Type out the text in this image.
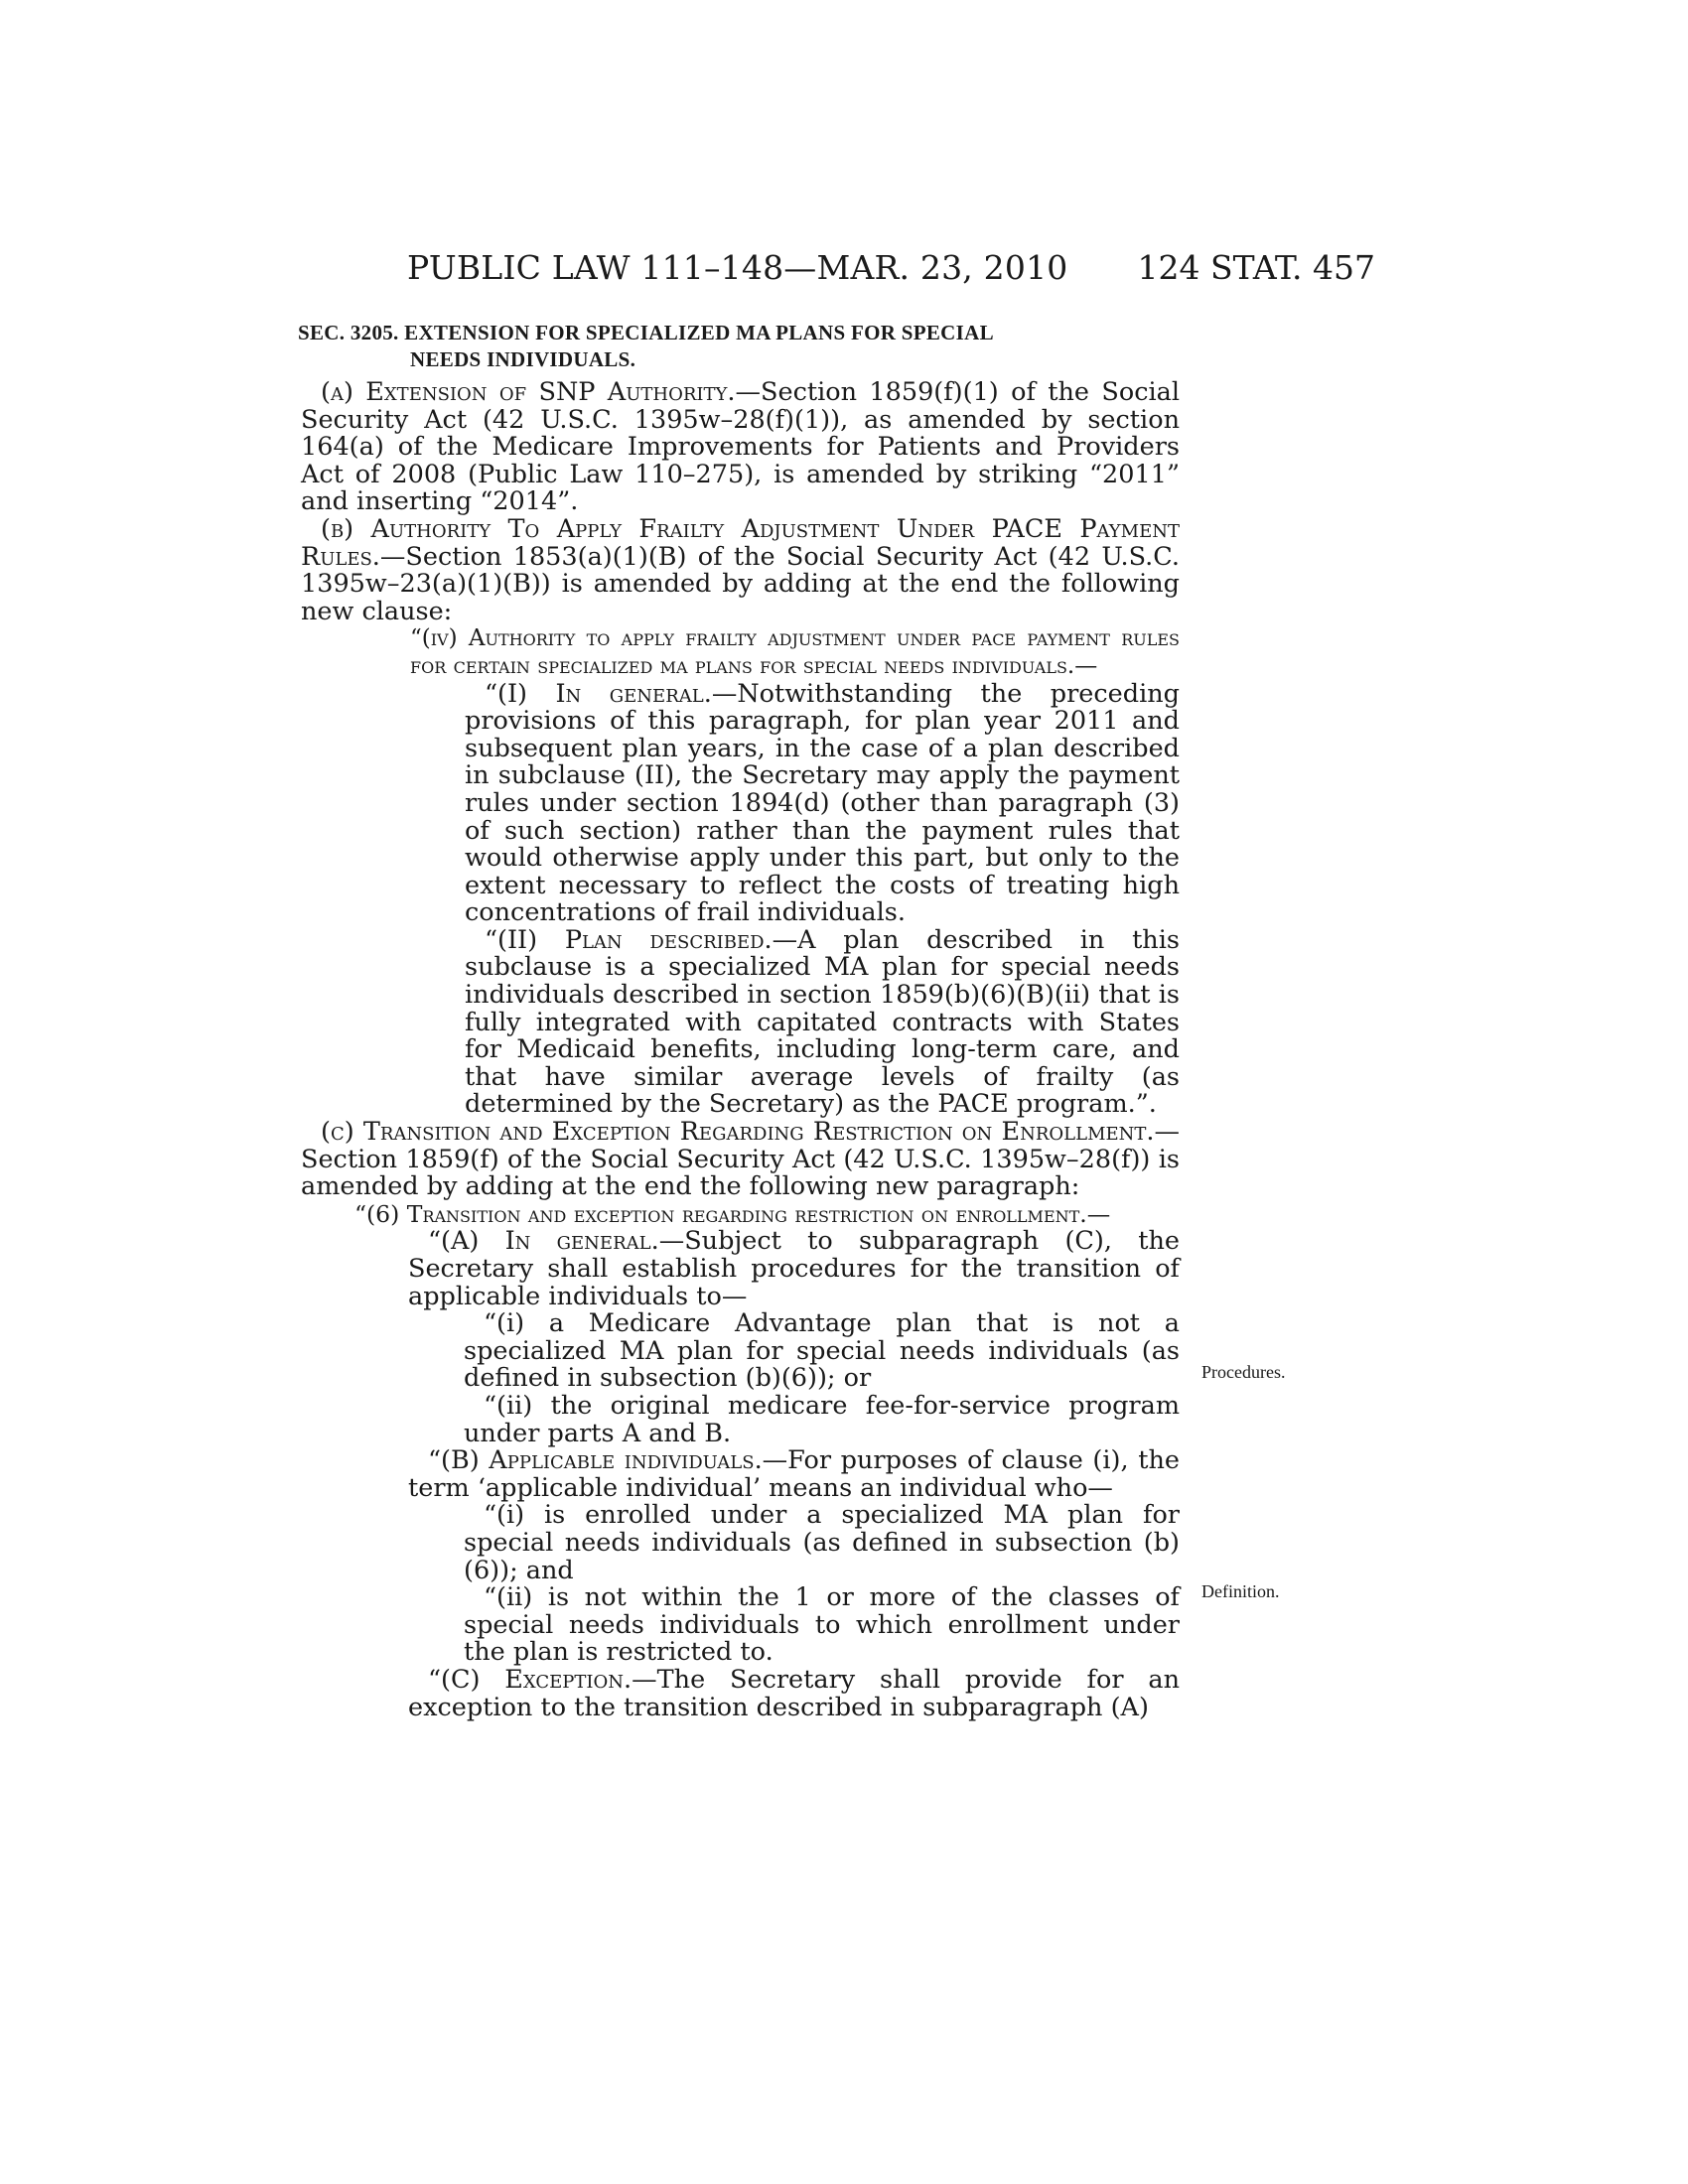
PUBLIC LAW 111–148—MAR. 23, 2010 124 STAT. 457
SEC. 3205. EXTENSION FOR SPECIALIZED MA PLANS FOR SPECIAL
NEEDS INDIVIDUALS.

(a) Extension of SNP Authority.—Section 1859(f)(1) of the Social Security Act (42 U.S.C. 1395w–28(f)(1)), as amended by section 164(a) of the Medicare Improvements for Patients and Providers Act of 2008 (Public Law 110–275), is amended by striking “2011” and inserting “2014”.

(b) Authority To Apply Frailty Adjustment Under PACE Payment Rules.—Section 1853(a)(1)(B) of the Social Security Act (42 U.S.C. 1395w–23(a)(1)(B)) is amended by adding at the end the following new clause:

“(iv) Authority to apply frailty adjustment under pace payment rules for certain specialized ma plans for special needs individuals.—

“(I) In general.—Notwithstanding the preceding provisions of this paragraph, for plan year 2011 and subsequent plan years, in the case of a plan described in subclause (II), the Secretary may apply the payment rules under section 1894(d) (other than paragraph (3) of such section) rather than the payment rules that would otherwise apply under this part, but only to the extent necessary to reflect the costs of treating high concentrations of frail individuals.

“(II) Plan described.—A plan described in this subclause is a specialized MA plan for special needs individuals described in section 1859(b)(6)(B)(ii) that is fully integrated with capitated contracts with States for Medicaid benefits, including long-term care, and that have similar average levels of frailty (as determined by the Secretary) as the PACE program.”.

(c) Transition and Exception Regarding Restriction on Enrollment.—Section 1859(f) of the Social Security Act (42 U.S.C. 1395w–28(f)) is amended by adding at the end the following new paragraph:

“(6) Transition and exception regarding restriction on enrollment.—

“(A) In general.—Subject to subparagraph (C), the Secretary shall establish procedures for the transition of applicable individuals to—

“(i) a Medicare Advantage plan that is not a specialized MA plan for special needs individuals (as defined in subsection (b)(6)); or

“(ii) the original medicare fee-for-service program under parts A and B.

“(B) Applicable individuals.—For purposes of clause (i), the term ‘applicable individual’ means an individual who—

“(i) is enrolled under a specialized MA plan for special needs individuals (as defined in subsection (b)(6)); and

“(ii) is not within the 1 or more of the classes of special needs individuals to which enrollment under the plan is restricted to.

“(C) Exception.—The Secretary shall provide for an exception to the transition described in subparagraph (A)

Procedures.
Definition.
